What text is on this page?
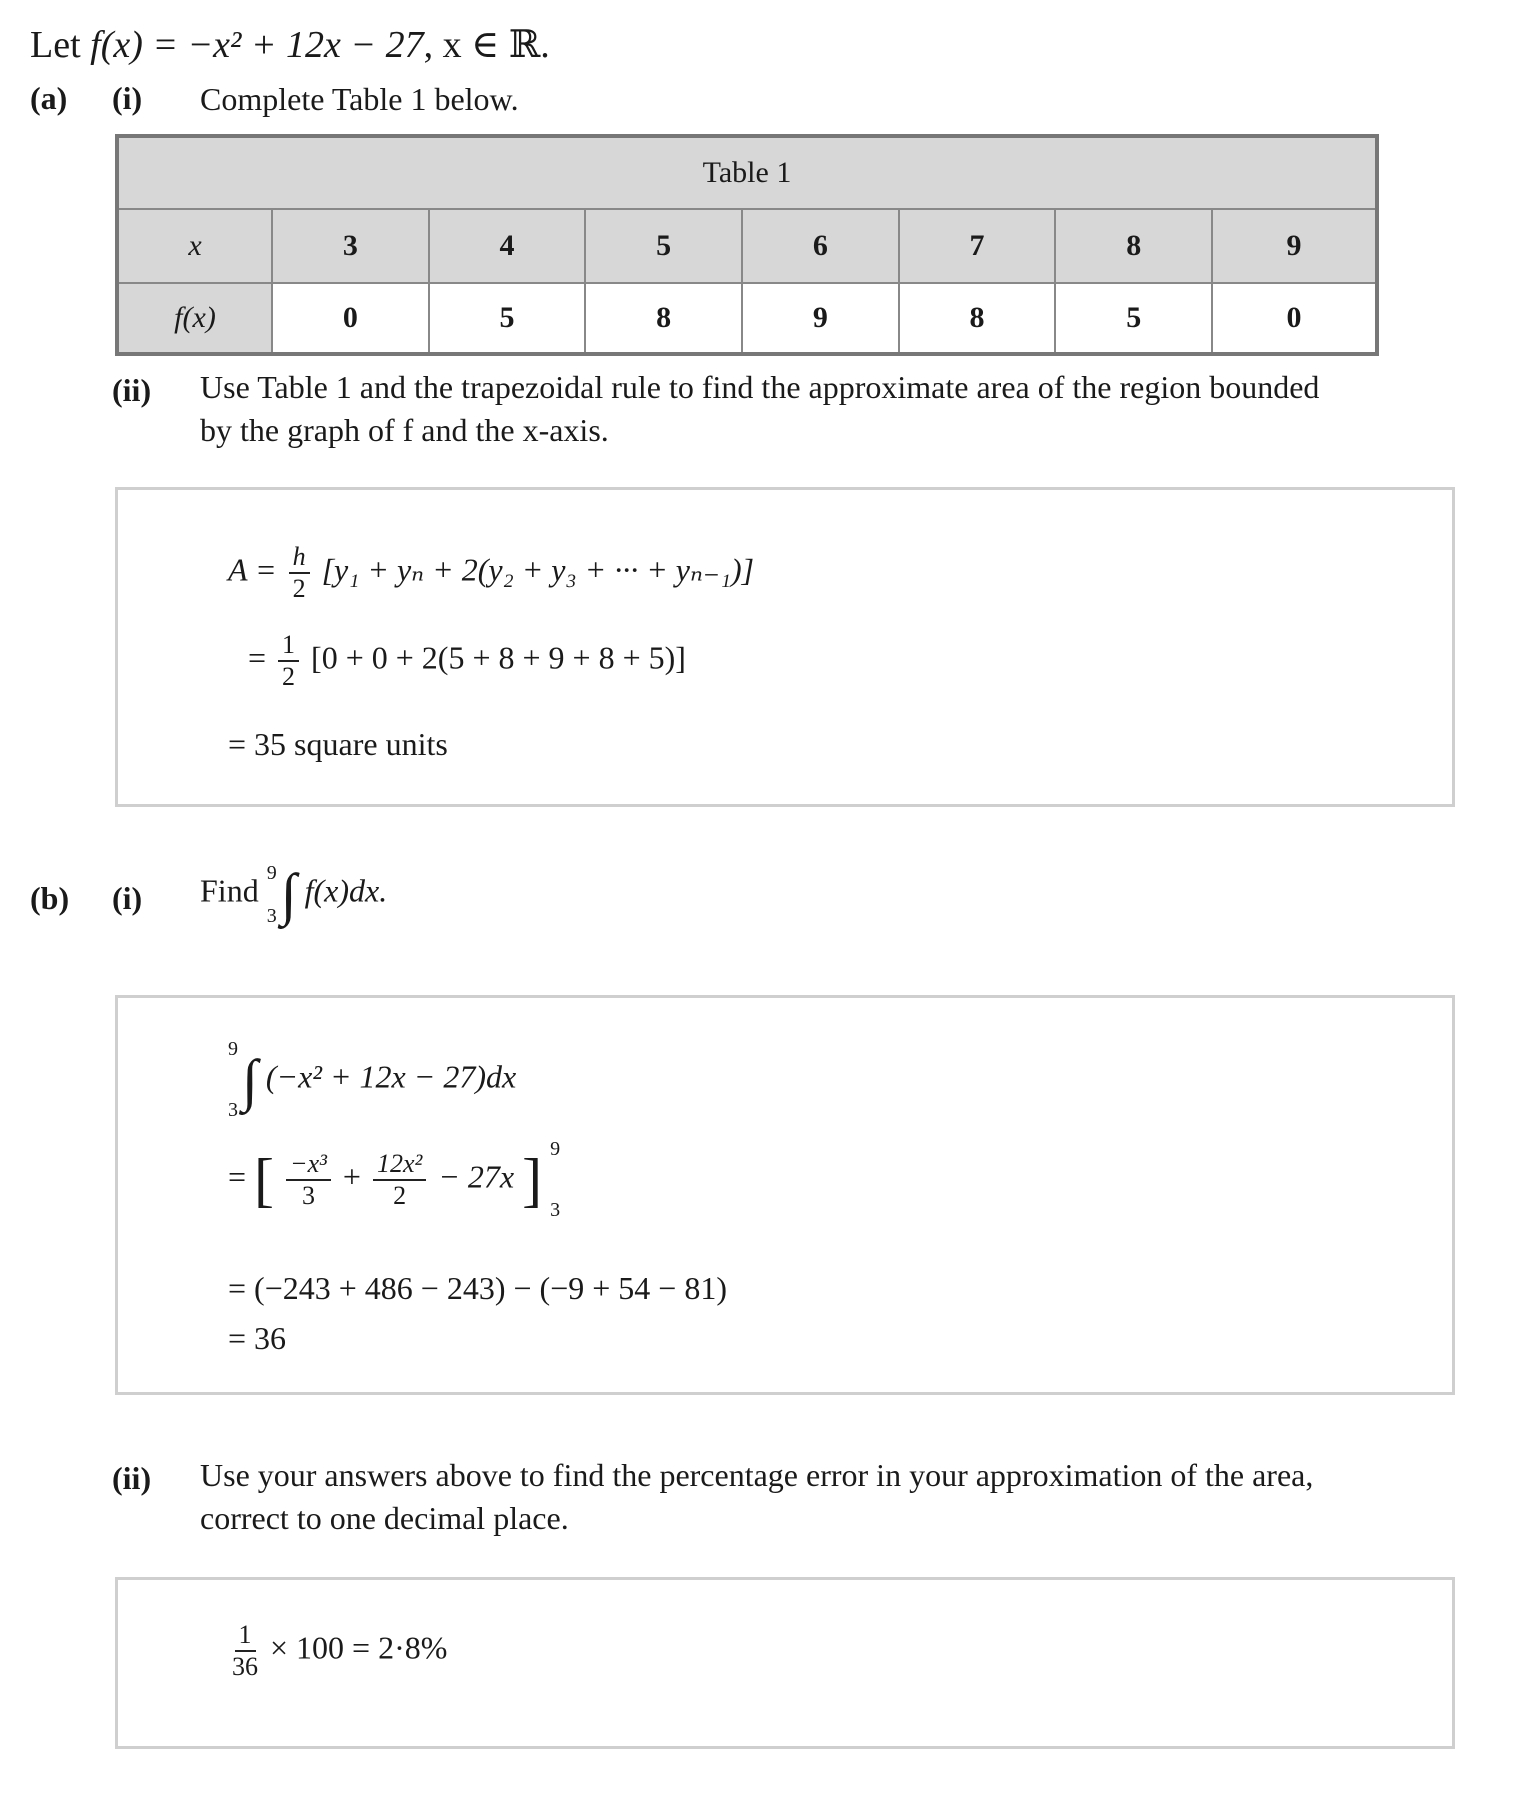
Let f(x) = −x² + 12x − 27, x ∈ ℝ.
(a) (i) Complete Table 1 below.
Table 1							
x	3	4	5	6	7	8	9
f(x)	0	5	8	9	8	5	0
(ii) Use Table 1 and the trapezoidal rule to find the approximate area of the region bounded
by the graph of f and the x-axis.
$A = \frac{h}{2} [y_1 + y_n + 2(y_2 + y_3$ + ··· + yₙ₋₁)]
= $\frac{1}{2} [0 + 0 + 2(5 + 8 + 9 + 8 + 5)]$
= 35 square units
(b) (i) Find 9
3 ∫ f(x)dx.
9
3 ∫ (−x² + 12x − 27)dx
= [ $\frac{\text{−x³}}{3} + \frac{\text{12x²}}{2} - 27x$ ] 9
3
= (−243 + 486 − 243) − (−9 + 54 − 81)
= 36
(ii) Use your answers above to find the percentage error in your approximation of the area,
correct to one decimal place.
$\frac{1}{36} \times 100 = 2\cdot 8\%$
